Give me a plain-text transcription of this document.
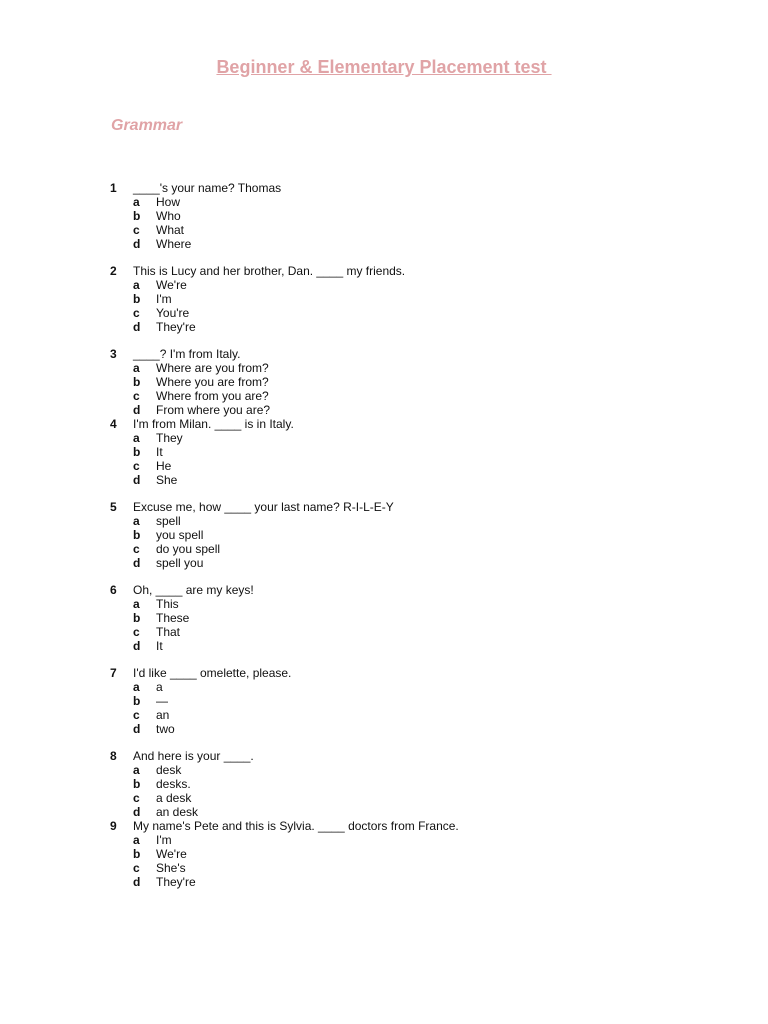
Beginner & Elementary Placement test
Grammar
1	____'s your name? Thomas
a	How
b	Who
c	What
d	Where
2	This is Lucy and her brother, Dan. ____ my friends.
a	We're
b	I'm
c	You're
d	They're
3	____? I'm from Italy.
a	Where are you from?
b	Where you are from?
c	Where from you are?
d	From where you are?
4	I'm from Milan. ____ is in Italy.
a	They
b	It
c	He
d	She
5	Excuse me, how ____ your last name? R-I-L-E-Y
a	spell
b	you spell
c	do you spell
d	spell you
6	Oh, ____ are my keys!
a	This
b	These
c	That
d	It
7	I'd like ____ omelette, please.
a	a
b	—
c	an
d	two
8	And here is your ____.
a	desk
b	desks.
c	a desk
d	an desk
9	My name's Pete and this is Sylvia. ____ doctors from France.
a	I'm
b	We're
c	She's
d	They're
